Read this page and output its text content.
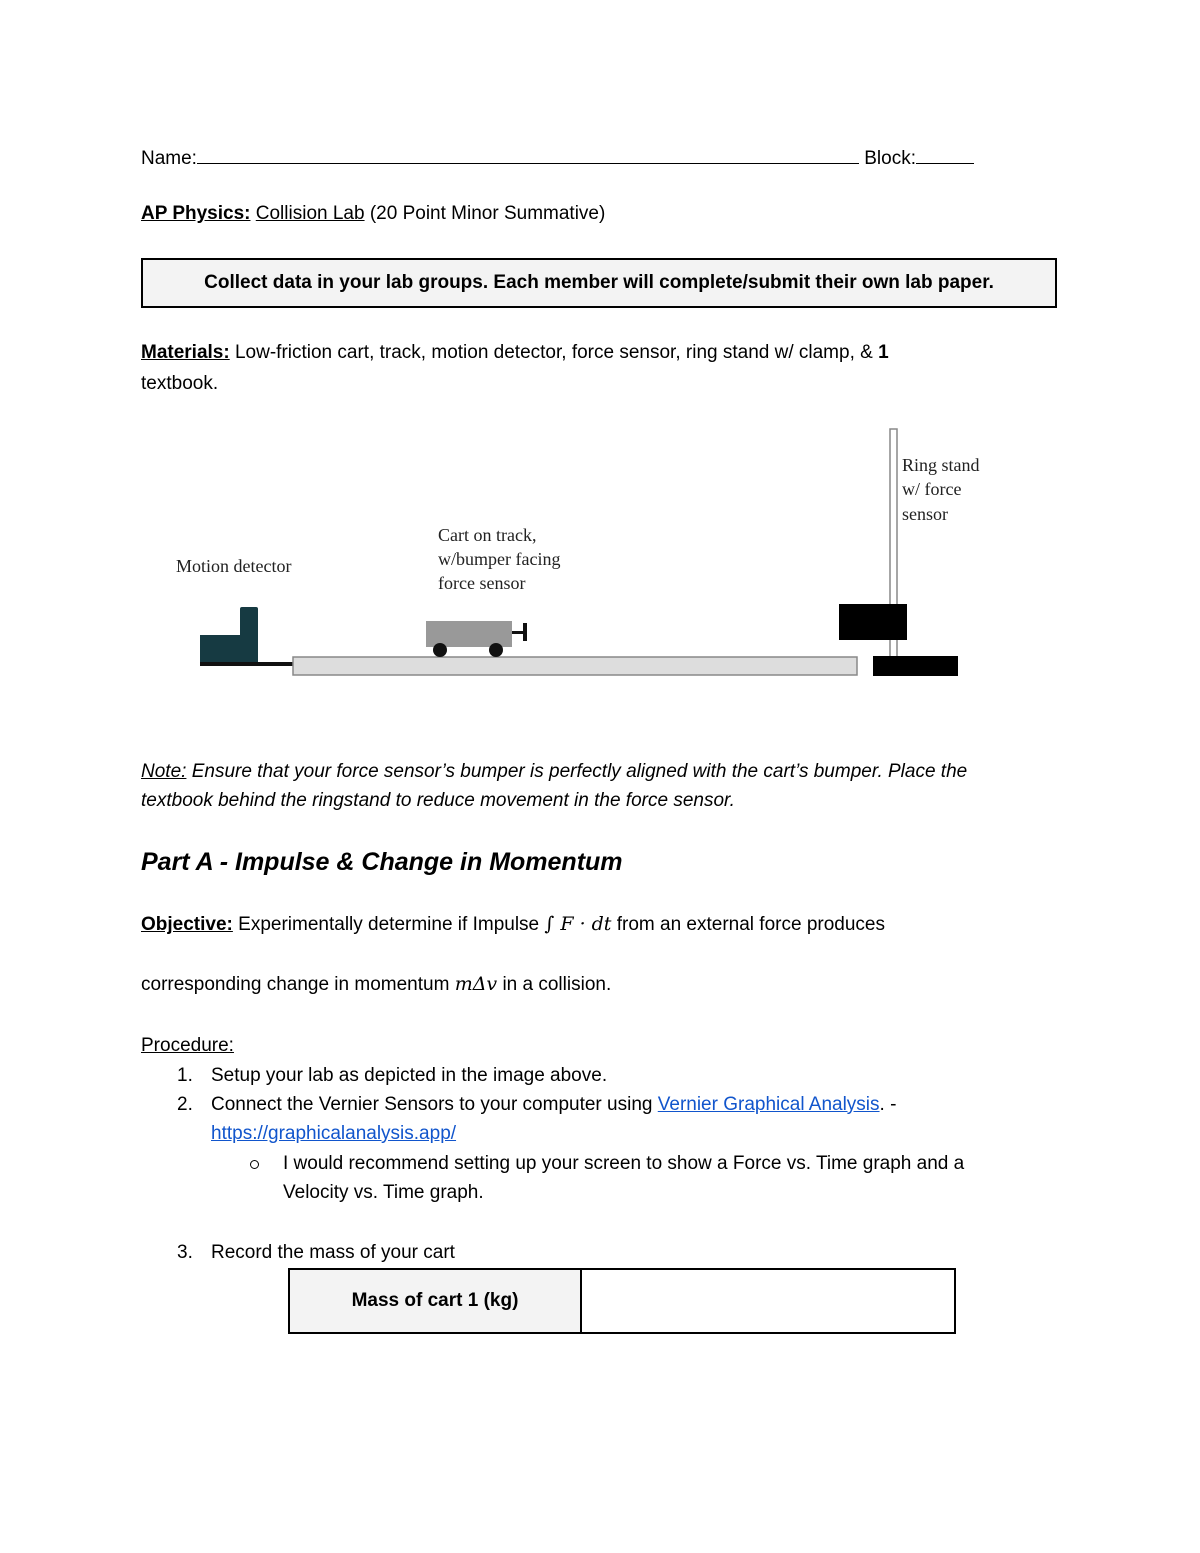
Name:	Block:
AP Physics: Collision Lab (20 Point Minor Summative)
Collect data in your lab groups. Each member will complete/submit their own lab paper.
Materials: Low-friction cart, track, motion detector, force sensor, ring stand w/ clamp, & 1
textbook.
Motion detector
Cart on track,
w/bumper facing
force sensor
Ring stand
w/ force
sensor
Note: Ensure that your force sensor’s bumper is perfectly aligned with the cart’s bumper. Place the
textbook behind the ringstand to reduce movement in the force sensor.
Part A - Impulse & Change in Momentum
Objective: Experimentally determine if Impulse ∫ F · dt from an external force produces
corresponding change in momentum mΔv in a collision.
Procedure:
1. Setup your lab as depicted in the image above.
2. Connect the Vernier Sensors to your computer using Vernier Graphical Analysis. -
https://graphicalanalysis.app/
I would recommend setting up your screen to show a Force vs. Time graph and a
Velocity vs. Time graph.
3. Record the mass of your cart
Mass of cart 1 (kg)	
